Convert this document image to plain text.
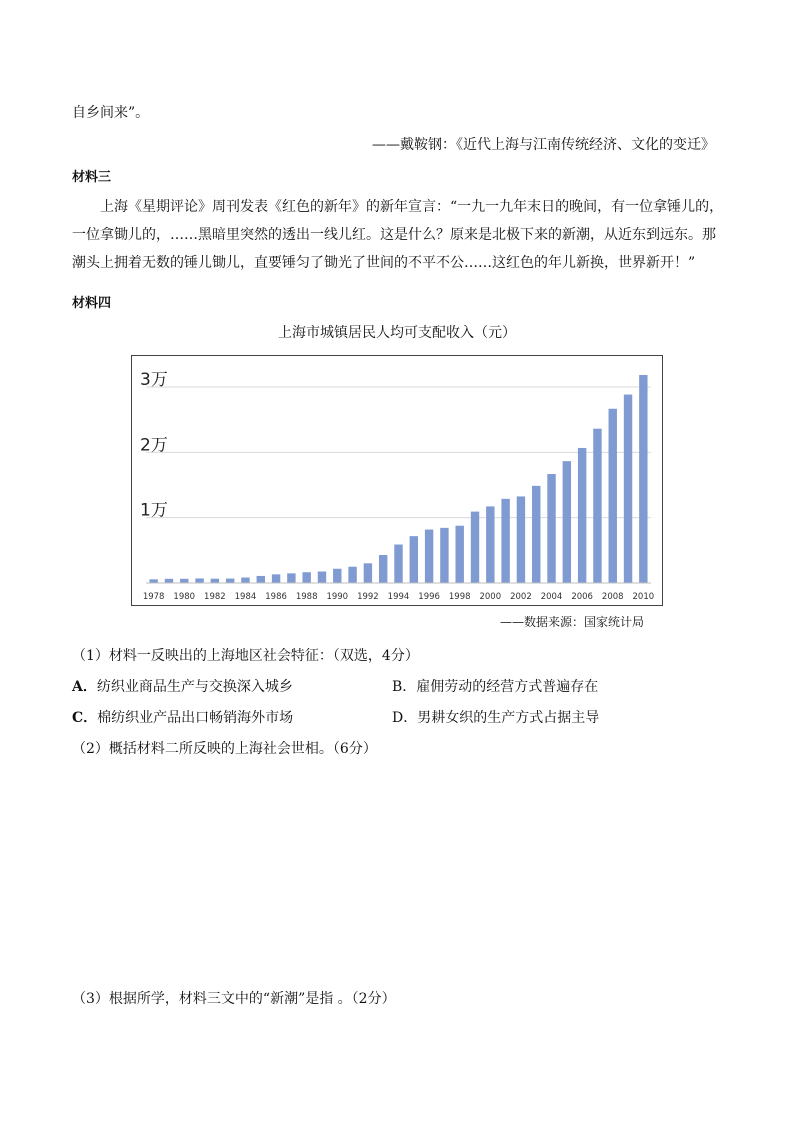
自乡间来”。
——戴鞍钢：《近代上海与江南传统经济、文化的变迁》
材料三
上海《星期评论》周刊发表《红色的新年》的新年宣言：“一九一九年末日的晚间，有一位拿锤儿的，
一位拿锄儿的，……黑暗里突然的透出一线儿红。这是什么？原来是北极下来的新潮，从近东到远东。那
潮头上拥着无数的锤儿锄儿，直要锤匀了锄光了世间的不平不公……这红色的年儿新换，世界新开！”
材料四
上海市城镇居民人均可支配收入（元）
1万
2万
3万
1978 1980 1982 1984 1986 1988 1990 1992 1994 1996 1998 2000 2002 2004 2006 2008 2010
——数据来源：国家统计局
（1）材料一反映出的上海地区社会特征：（双选，4分）
A．纺织业商品生产与交换深入城乡	B．雇佣劳动的经营方式普遍存在
C．棉纺织业产品出口畅销海外市场	D．男耕女织的生产方式占据主导
（2）概括材料二所反映的上海社会世相。（6分）
（3）根据所学，材料三文中的“新潮”是指 。（2分）
